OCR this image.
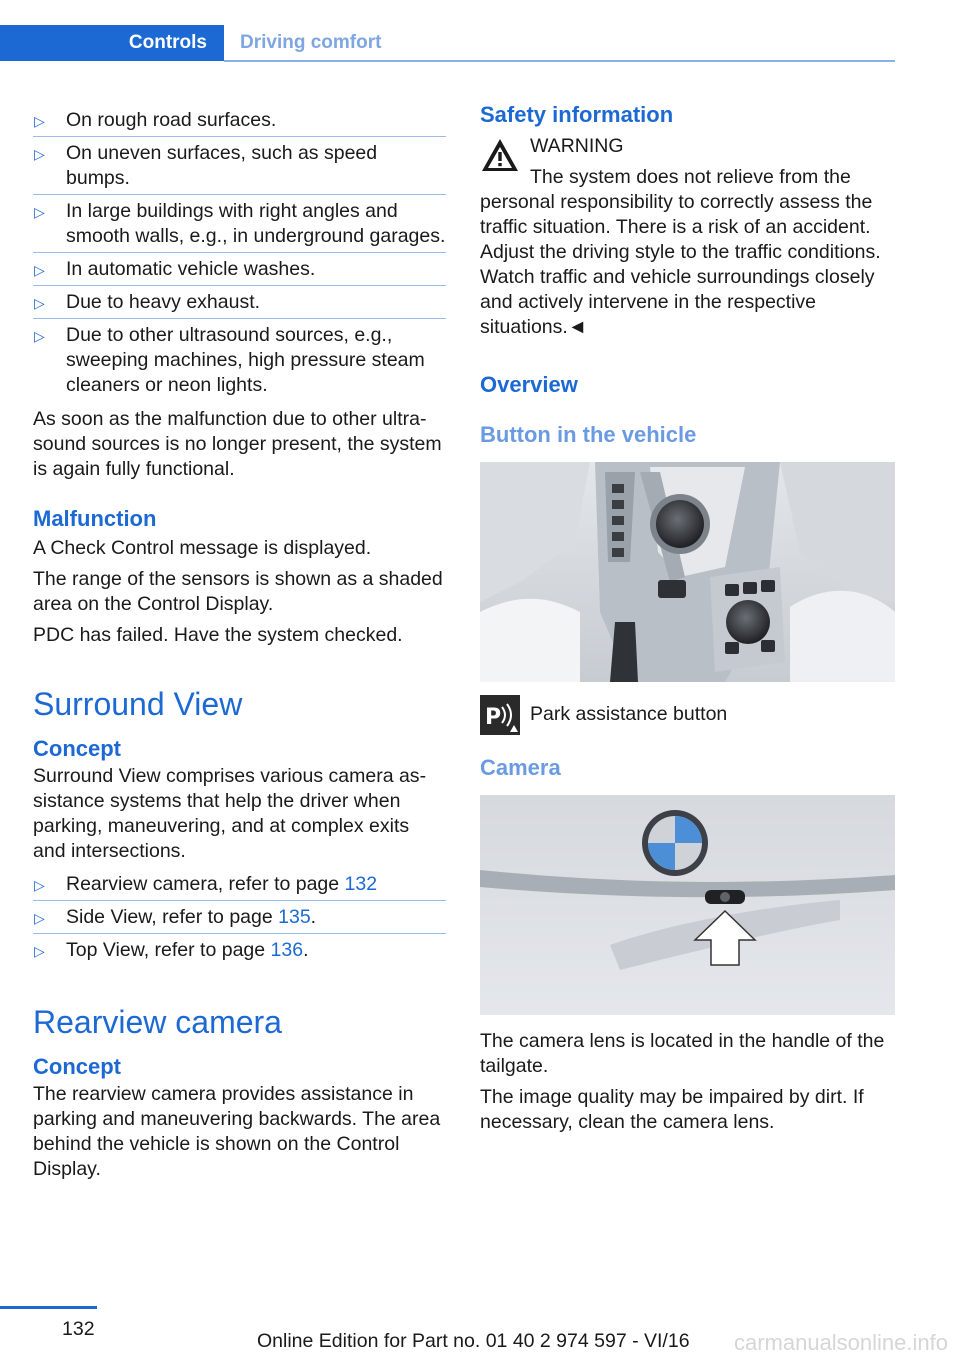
Controls	Driving comfort
▷ On rough road surfaces.
▷ On uneven surfaces, such as speed bumps.
▷ In large buildings with right angles and smooth walls, e.g., in underground garages.
▷ In automatic vehicle washes.
▷ Due to heavy exhaust.
▷ Due to other ultrasound sources, e.g., sweeping machines, high pressure steam cleaners or neon lights.

As soon as the malfunction due to other ultrasound sources is no longer present, the system is again fully functional.

Malfunction

A Check Control message is displayed.

The range of the sensors is shown as a shaded area on the Control Display.

PDC has failed. Have the system checked.

Surround View
Concept

Surround View comprises various camera assistance systems that help the driver when parking, maneuvering, and at complex exits and intersections.

▷ Rearview camera, refer to page 132
▷ Side View, refer to page 135.
▷ Top View, refer to page 136.
Rearview camera
Concept

The rearview camera provides assistance in parking and maneuvering backwards. The area behind the vehicle is shown on the Control Display.

Safety information
WARNING

The system does not relieve from the personal responsibility to correctly assess the traffic situation. There is a risk of an accident. Adjust the driving style to the traffic conditions. Watch traffic and vehicle surroundings closely and actively intervene in the respective situations.◄

Overview
Button in the vehicle
P Park assistance button
Camera

The camera lens is located in the handle of the tailgate.

The image quality may be impaired by dirt. If necessary, clean the camera lens.

132
Online Edition for Part no. 01 40 2 974 597 - VI/16 carmanualsonline.info
